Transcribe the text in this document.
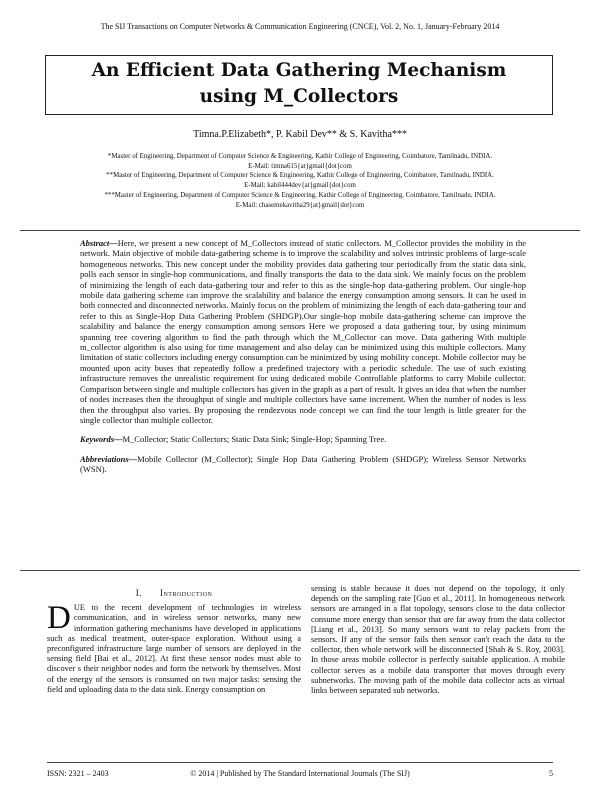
The SIJ Transactions on Computer Networks & Communication Engineering (CNCE), Vol. 2, No. 1, January-February 2014
An Efficient Data Gathering Mechanism
using M_Collectors
Timna.P.Elizabeth*, P. Kabil Dev** & S. Kavitha***
*Master of Engineering, Department of Computer Science & Engineering, Kathir College of Engineering, Coimbatore, Tamilnadu, INDIA.
E-Mail: timna615{at}gmail{dot}com
**Master of Engineering, Department of Computer Science & Engineering, Kathir College of Engineering, Coimbatore, Tamilnadu, INDIA.
E-Mail: kabil444dev{at}gmail{dot}com
***Master of Engineering, Department of Computer Science & Engineering, Kathir College of Engineering, Coimbatore, Tamilnadu, INDIA.
E-Mail: chasemekavitha29{at}gmail{dot}com

Abstract—Here, we present a new concept of M_Collectors instead of static collectors. M_Collector provides the mobility in the network. Main objective of mobile data-gathering scheme is to improve the scalability and solves intrinsic problems of large-scale homogeneous networks. This new concept under the mobility provides data gathering tour periodically from the static data sink, polls each sensor in single-hop communications, and finally transports the data to the data sink. We mainly focus on the problem of minimizing the length of each data-gathering tour and refer to this as the single-hop data-gathering problem. Our single-hop mobile data gathering scheme can improve the scalability and balance the energy consumption among sensors. It can be used in both connected and disconnected networks. Mainly focus on the problem of minimizing the length of each data-gathering tour and refer to this as Single-Hop Data Gathering Problem (SHDGP).Our single-hop mobile data-gathering scheme can improve the scalability and balance the energy consumption among sensors Here we proposed a data gathering tour, by using minimum spanning tree covering algorithm to find the path through which the M_Collector can move. Data gathering With multiple m_collector algorithm is also using for time management and also delay can be minimized using this multiple collectors. Many limitation of static collectors including energy consumption can be minimized by using mobility concept. Mobile collector may be mounted upon acity buses that repeatedly follow a predefined trajectory with a periodic schedule. The use of such existing infrastructure removes the unrealistic requirement for using dedicated mobile Controllable platforms to carry Mobile collector. Comparison between single and multiple collectors has given in the graph as a part of result. It gives an idea that when the number of nodes increases then the throughput of single and multiple collectors have same increment. When the number of nodes is less then the throughput also varies. By proposing the rendezvous node concept we can find the tour length is little greater for the single collector than multiple collector.

Keywords—M_Collector; Static Collectors; Static Data Sink; Single-Hop; Spanning Tree.

Abbreviations—Mobile Collector (M_Collector); Single Hop Data Gathering Problem (SHDGP); Wireless Sensor Networks (WSN).

I. Introduction

DUE to the recent development of technologies in wireless communication, and in wireless sensor networks, many new information gathering mechanisms have developed in applications such as medical treatment, outer-space exploration. Without using a preconfigured infrastructure large number of sensors are deployed in the sensing field [Bai et al., 2012]. At first these sensor nodes must able to discover s their neighbor nodes and form the network by themselves. Most of the energy of the sensors is consumed on two major tasks: sensing the field and uploading data to the data sink. Energy consumption on

sensing is stable because it does not depend on the topology, it only depends on the sampling rate [Guo et al., 2011]. In homogeneous network sensors are arranged in a flat topology, sensors close to the data collector consume more energy than sensor that are far away from the data collector [Liang et al., 2013]. So many sensors want to relay packets from the sensors. If any of the sensor fails then sensor can't reach the data to the collector, then whole network will be disconnected [Shah & S. Roy, 2003]. In those areas mobile collector is perfectly suitable application. A mobile collector serves as a mobile data transporter that moves through every subnetworks. The moving path of the mobile data collector acts as virtual links between separated sub networks.

ISSN: 2321 – 2403	© 2014 | Published by The Standard International Journals (The SIJ)	5
